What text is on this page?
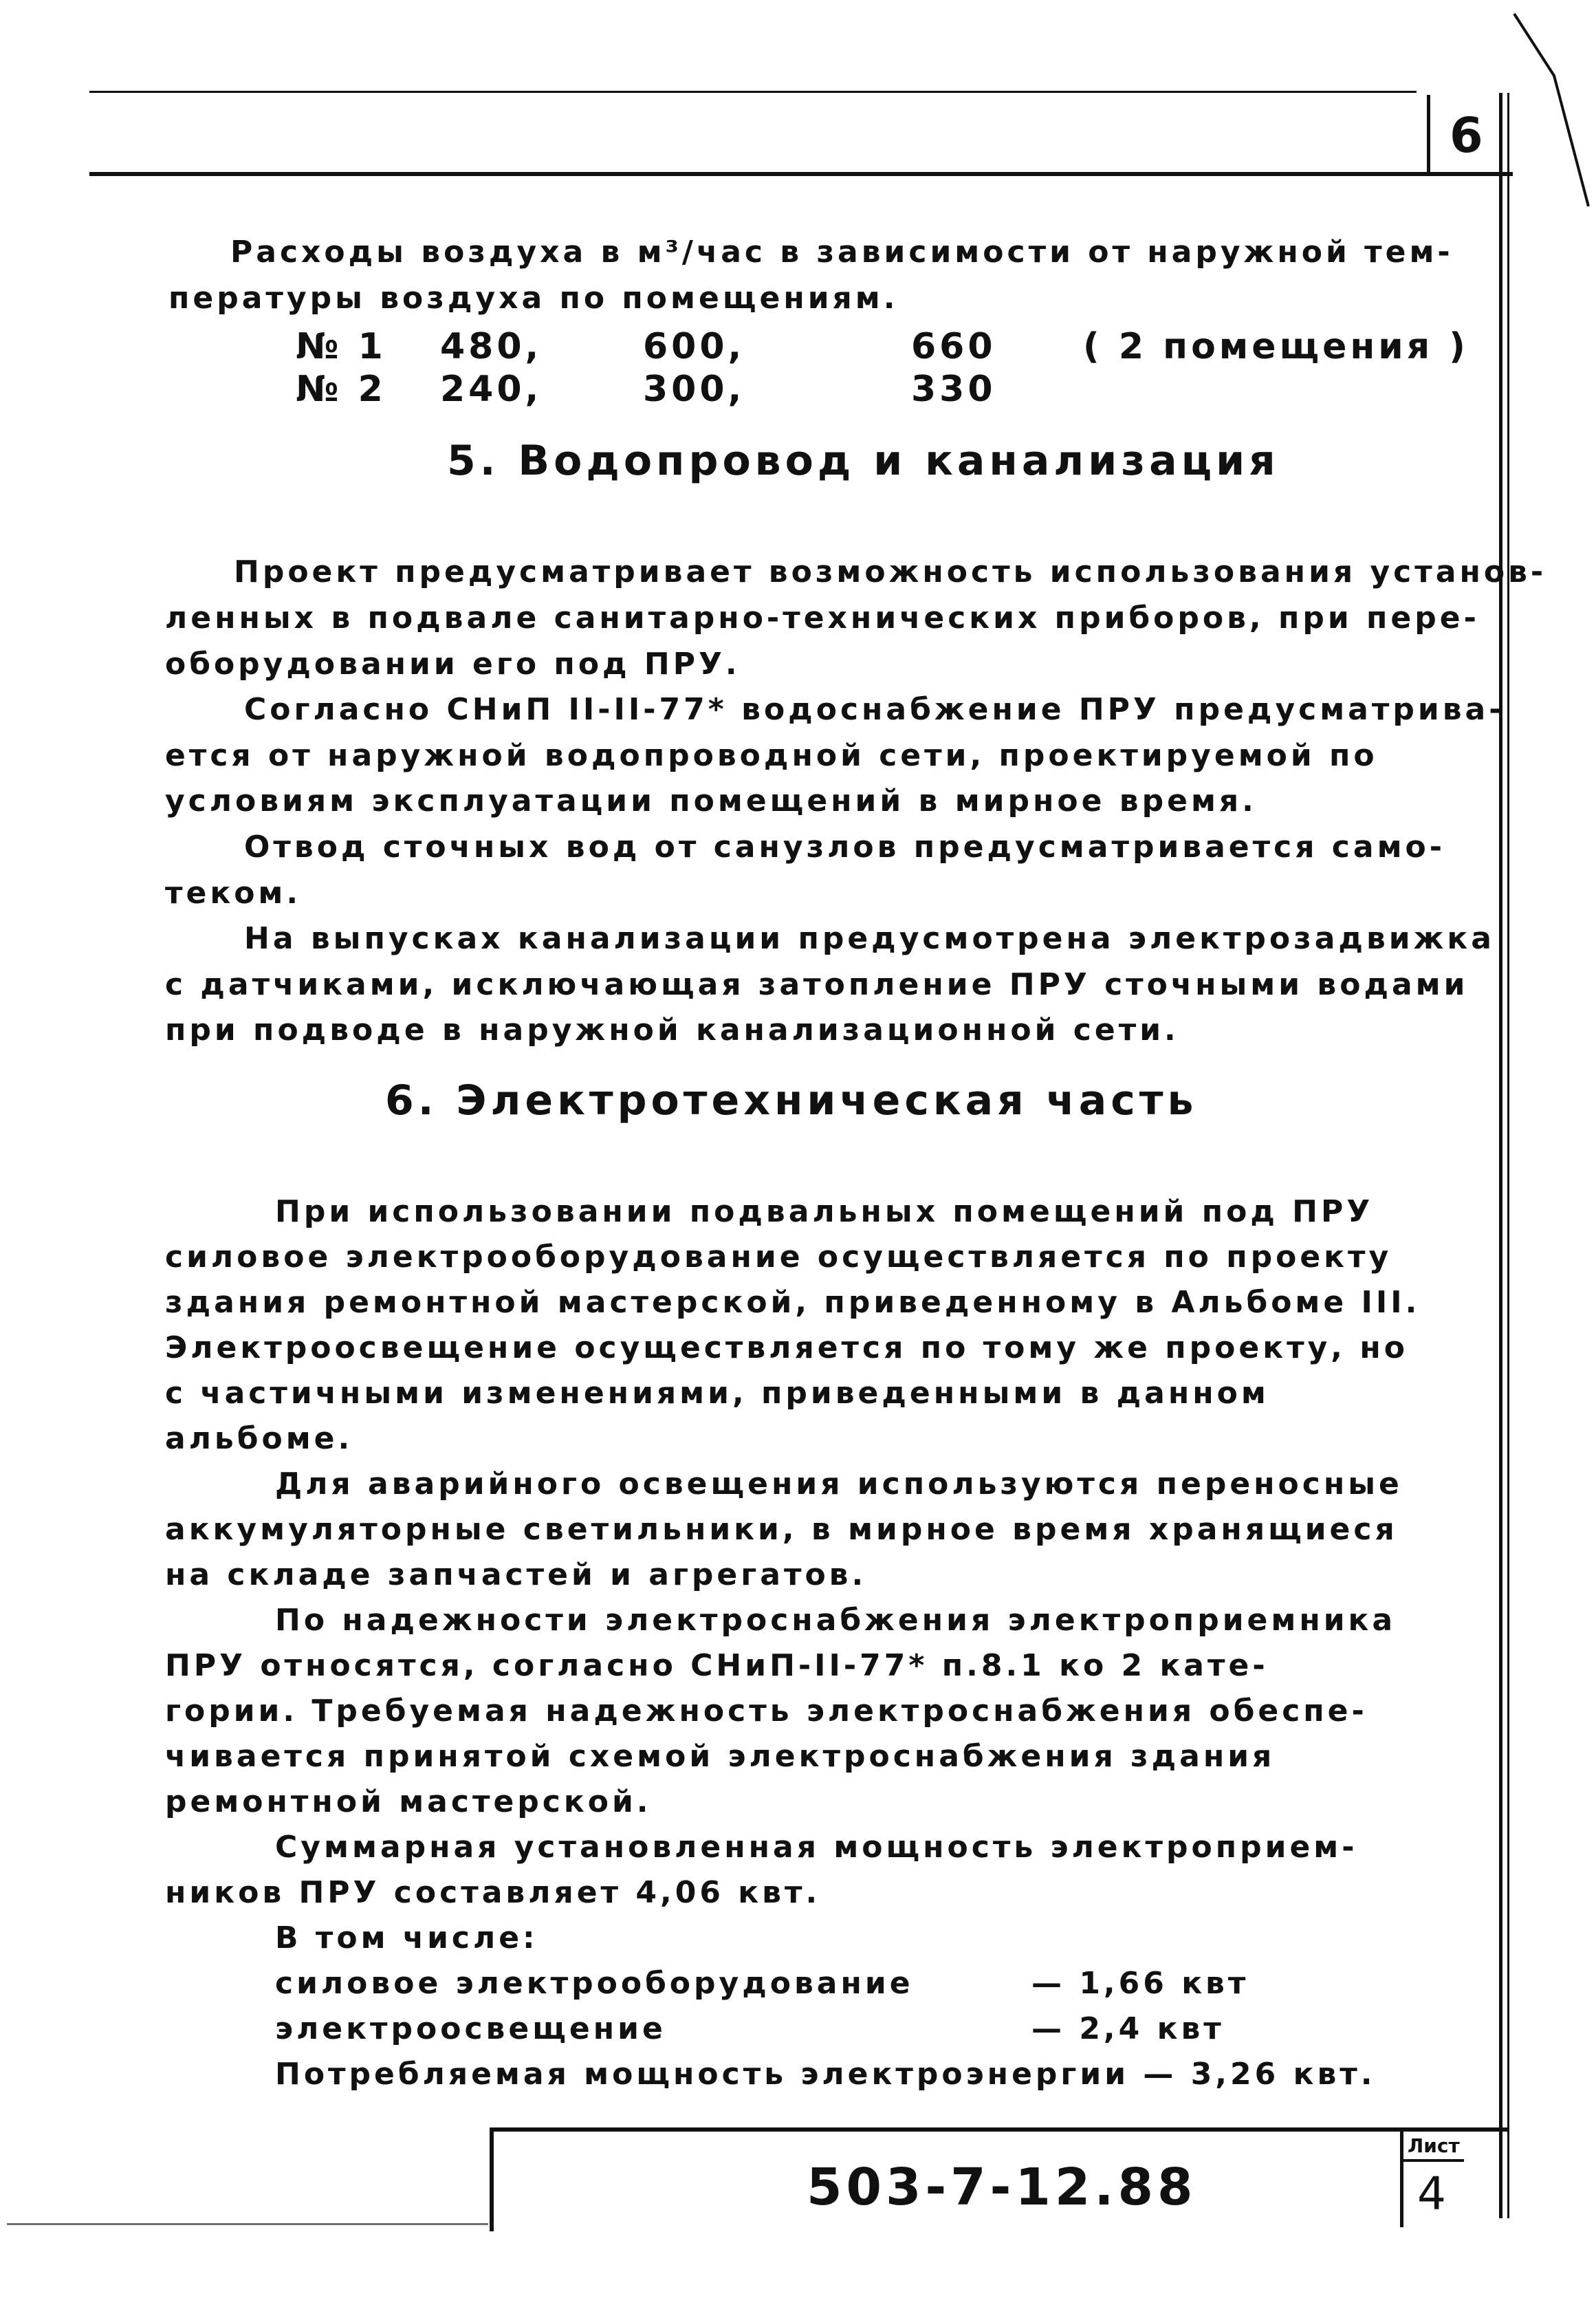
6
Расходы воздуха в м³/час в зависимости от наружной тем-
пературы воздуха по помещениям.
№ 1 480,	600,	660 ( 2 помещения )
№ 2 240,	300,	330
5. Водопровод и канализация
Проект предусматривает возможность использования установ-
ленных в подвале санитарно-технических приборов, при пере-
оборудовании его под ПРУ.
Согласно СНиП II-II-77* водоснабжение ПРУ предусматрива-
ется от наружной водопроводной сети, проектируемой по
условиям эксплуатации помещений в мирное время.
Отвод сточных вод от санузлов предусматривается само-
теком.
На выпусках канализации предусмотрена электрозадвижка
с датчиками, исключающая затопление ПРУ сточными водами
при подводе в наружной канализационной сети.
6. Электротехническая часть
При использовании подвальных помещений под ПРУ
силовое электрооборудование осуществляется по проекту
здания ремонтной мастерской, приведенному в Альбоме III.
Электроосвещение осуществляется по тому же проекту, но
с частичными изменениями, приведенными в данном
альбоме.
Для аварийного освещения используются переносные
аккумуляторные светильники, в мирное время хранящиеся
на складе запчастей и агрегатов.
По надежности электроснабжения электроприемника
ПРУ относятся, согласно СНиП-II-77* п.8.1 ко 2 кате-
гории. Требуемая надежность электроснабжения обеспе-
чивается принятой схемой электроснабжения здания
ремонтной мастерской.
Суммарная установленная мощность электроприем-
ников ПРУ составляет 4,06 квт.
В том числе:
силовое электрооборудование	— 1,66 квт
электроосвещение	— 2,4 квт
Потребляемая мощность электроэнергии — 3,26 квт.
503-7-12.88
Лист
4
